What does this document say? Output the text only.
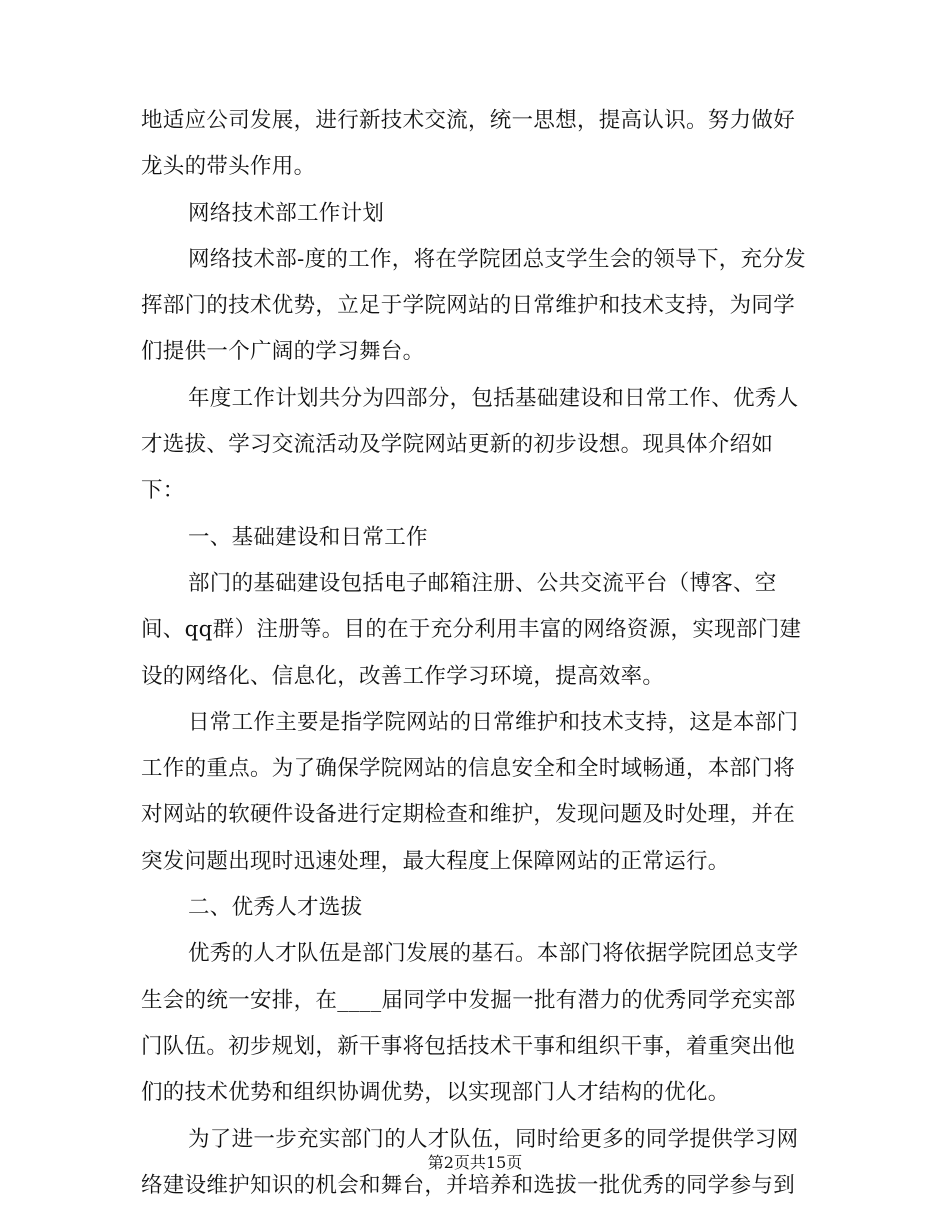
地适应公司发展，进行新技术交流，统一思想，提高认识。努力做好
龙头的带头作用。
网络技术部工作计划
网络技术部-度的工作，将在学院团总支学生会的领导下，充分发
挥部门的技术优势，立足于学院网站的日常维护和技术支持，为同学
们提供一个广阔的学习舞台。
年度工作计划共分为四部分，包括基础建设和日常工作、优秀人
才选拔、学习交流活动及学院网站更新的初步设想。现具体介绍如
下：
一、基础建设和日常工作
部门的基础建设包括电子邮箱注册、公共交流平台（博客、空
间、qq群）注册等。目的在于充分利用丰富的网络资源，实现部门建
设的网络化、信息化，改善工作学习环境，提高效率。
日常工作主要是指学院网站的日常维护和技术支持，这是本部门
工作的重点。为了确保学院网站的信息安全和全时域畅通，本部门将
对网站的软硬件设备进行定期检查和维护，发现问题及时处理，并在
突发问题出现时迅速处理，最大程度上保障网站的正常运行。
二、优秀人才选拔
优秀的人才队伍是部门发展的基石。本部门将依据学院团总支学
生会的统一安排，在____届同学中发掘一批有潜力的优秀同学充实部
门队伍。初步规划，新干事将包括技术干事和组织干事，着重突出他
们的技术优势和组织协调优势，以实现部门人才结构的优化。
为了进一步充实部门的人才队伍，同时给更多的同学提供学习网
络建设维护知识的机会和舞台，并培养和选拔一批优秀的同学参与到
第2页共15页
